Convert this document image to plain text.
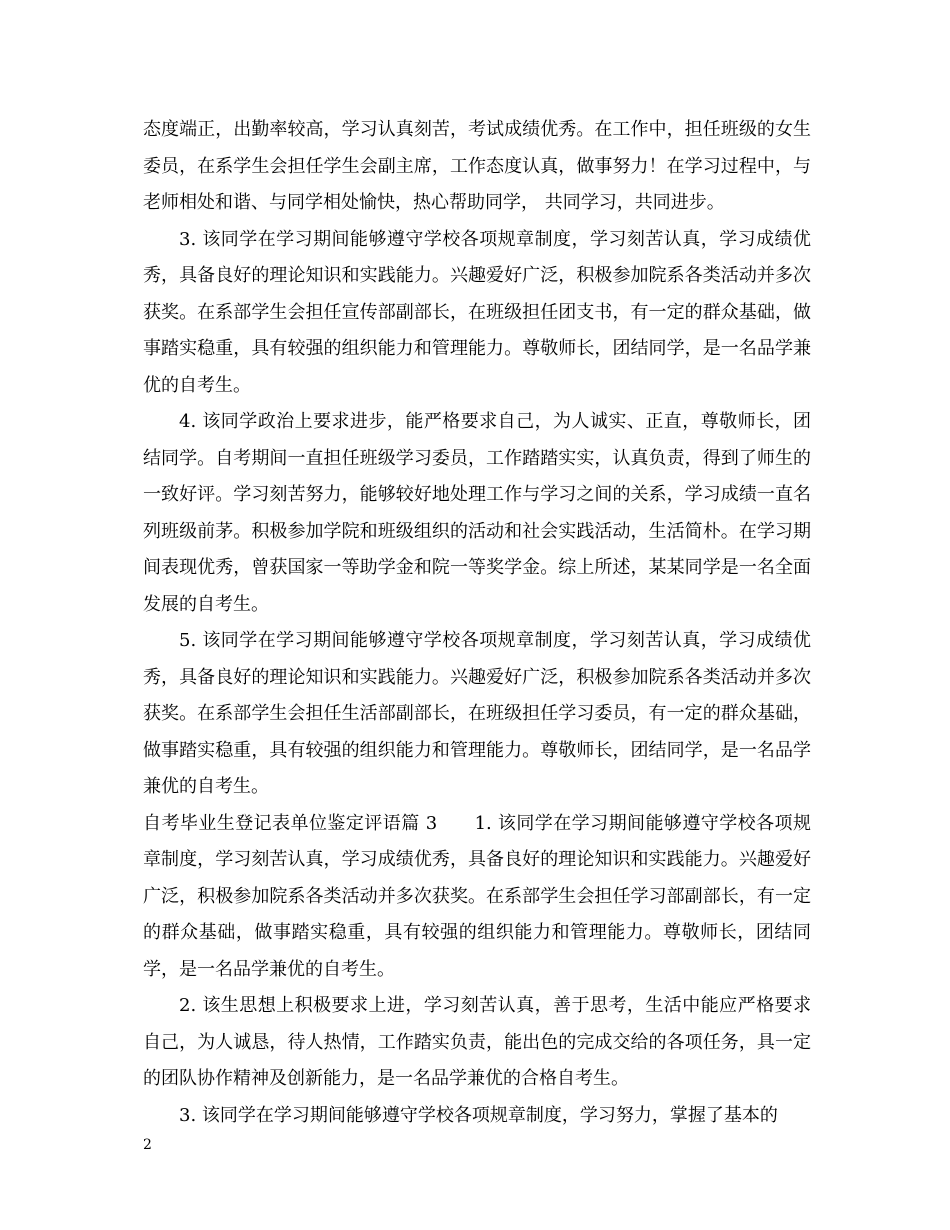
态度端正，出勤率较高，学习认真刻苦，考试成绩优秀。在工作中，担任班级的女生委员，在系学生会担任学生会副主席，工作态度认真，做事努力！在学习过程中，与老师相处和谐、与同学相处愉快，热心帮助同学， 共同学习，共同进步。

3. 该同学在学习期间能够遵守学校各项规章制度，学习刻苦认真，学习成绩优秀，具备良好的理论知识和实践能力。兴趣爱好广泛，积极参加院系各类活动并多次获奖。在系部学生会担任宣传部副部长，在班级担任团支书，有一定的群众基础，做事踏实稳重，具有较强的组织能力和管理能力。尊敬师长，团结同学，是一名品学兼优的自考生。

4. 该同学政治上要求进步，能严格要求自己，为人诚实、正直，尊敬师长，团结同学。自考期间一直担任班级学习委员，工作踏踏实实，认真负责，得到了师生的一致好评。学习刻苦努力，能够较好地处理工作与学习之间的关系，学习成绩一直名列班级前茅。积极参加学院和班级组织的活动和社会实践活动，生活简朴。在学习期间表现优秀，曾获国家一等助学金和院一等奖学金。综上所述，某某同学是一名全面发展的自考生。

5. 该同学在学习期间能够遵守学校各项规章制度，学习刻苦认真，学习成绩优秀，具备良好的理论知识和实践能力。兴趣爱好广泛，积极参加院系各类活动并多次获奖。在系部学生会担任生活部副部长，在班级担任学习委员，有一定的群众基础，做事踏实稳重，具有较强的组织能力和管理能力。尊敬师长，团结同学，是一名品学兼优的自考生。

自考毕业生登记表单位鉴定评语篇 3　　1. 该同学在学习期间能够遵守学校各项规章制度，学习刻苦认真，学习成绩优秀，具备良好的理论知识和实践能力。兴趣爱好广泛，积极参加院系各类活动并多次获奖。在系部学生会担任学习部副部长，有一定的群众基础，做事踏实稳重，具有较强的组织能力和管理能力。尊敬师长，团结同学，是一名品学兼优的自考生。

2. 该生思想上积极要求上进，学习刻苦认真，善于思考，生活中能应严格要求自己，为人诚恳，待人热情，工作踏实负责，能出色的完成交给的各项任务，具一定的团队协作精神及创新能力，是一名品学兼优的合格自考生。

3. 该同学在学习期间能够遵守学校各项规章制度，学习努力，掌握了基本的

2
